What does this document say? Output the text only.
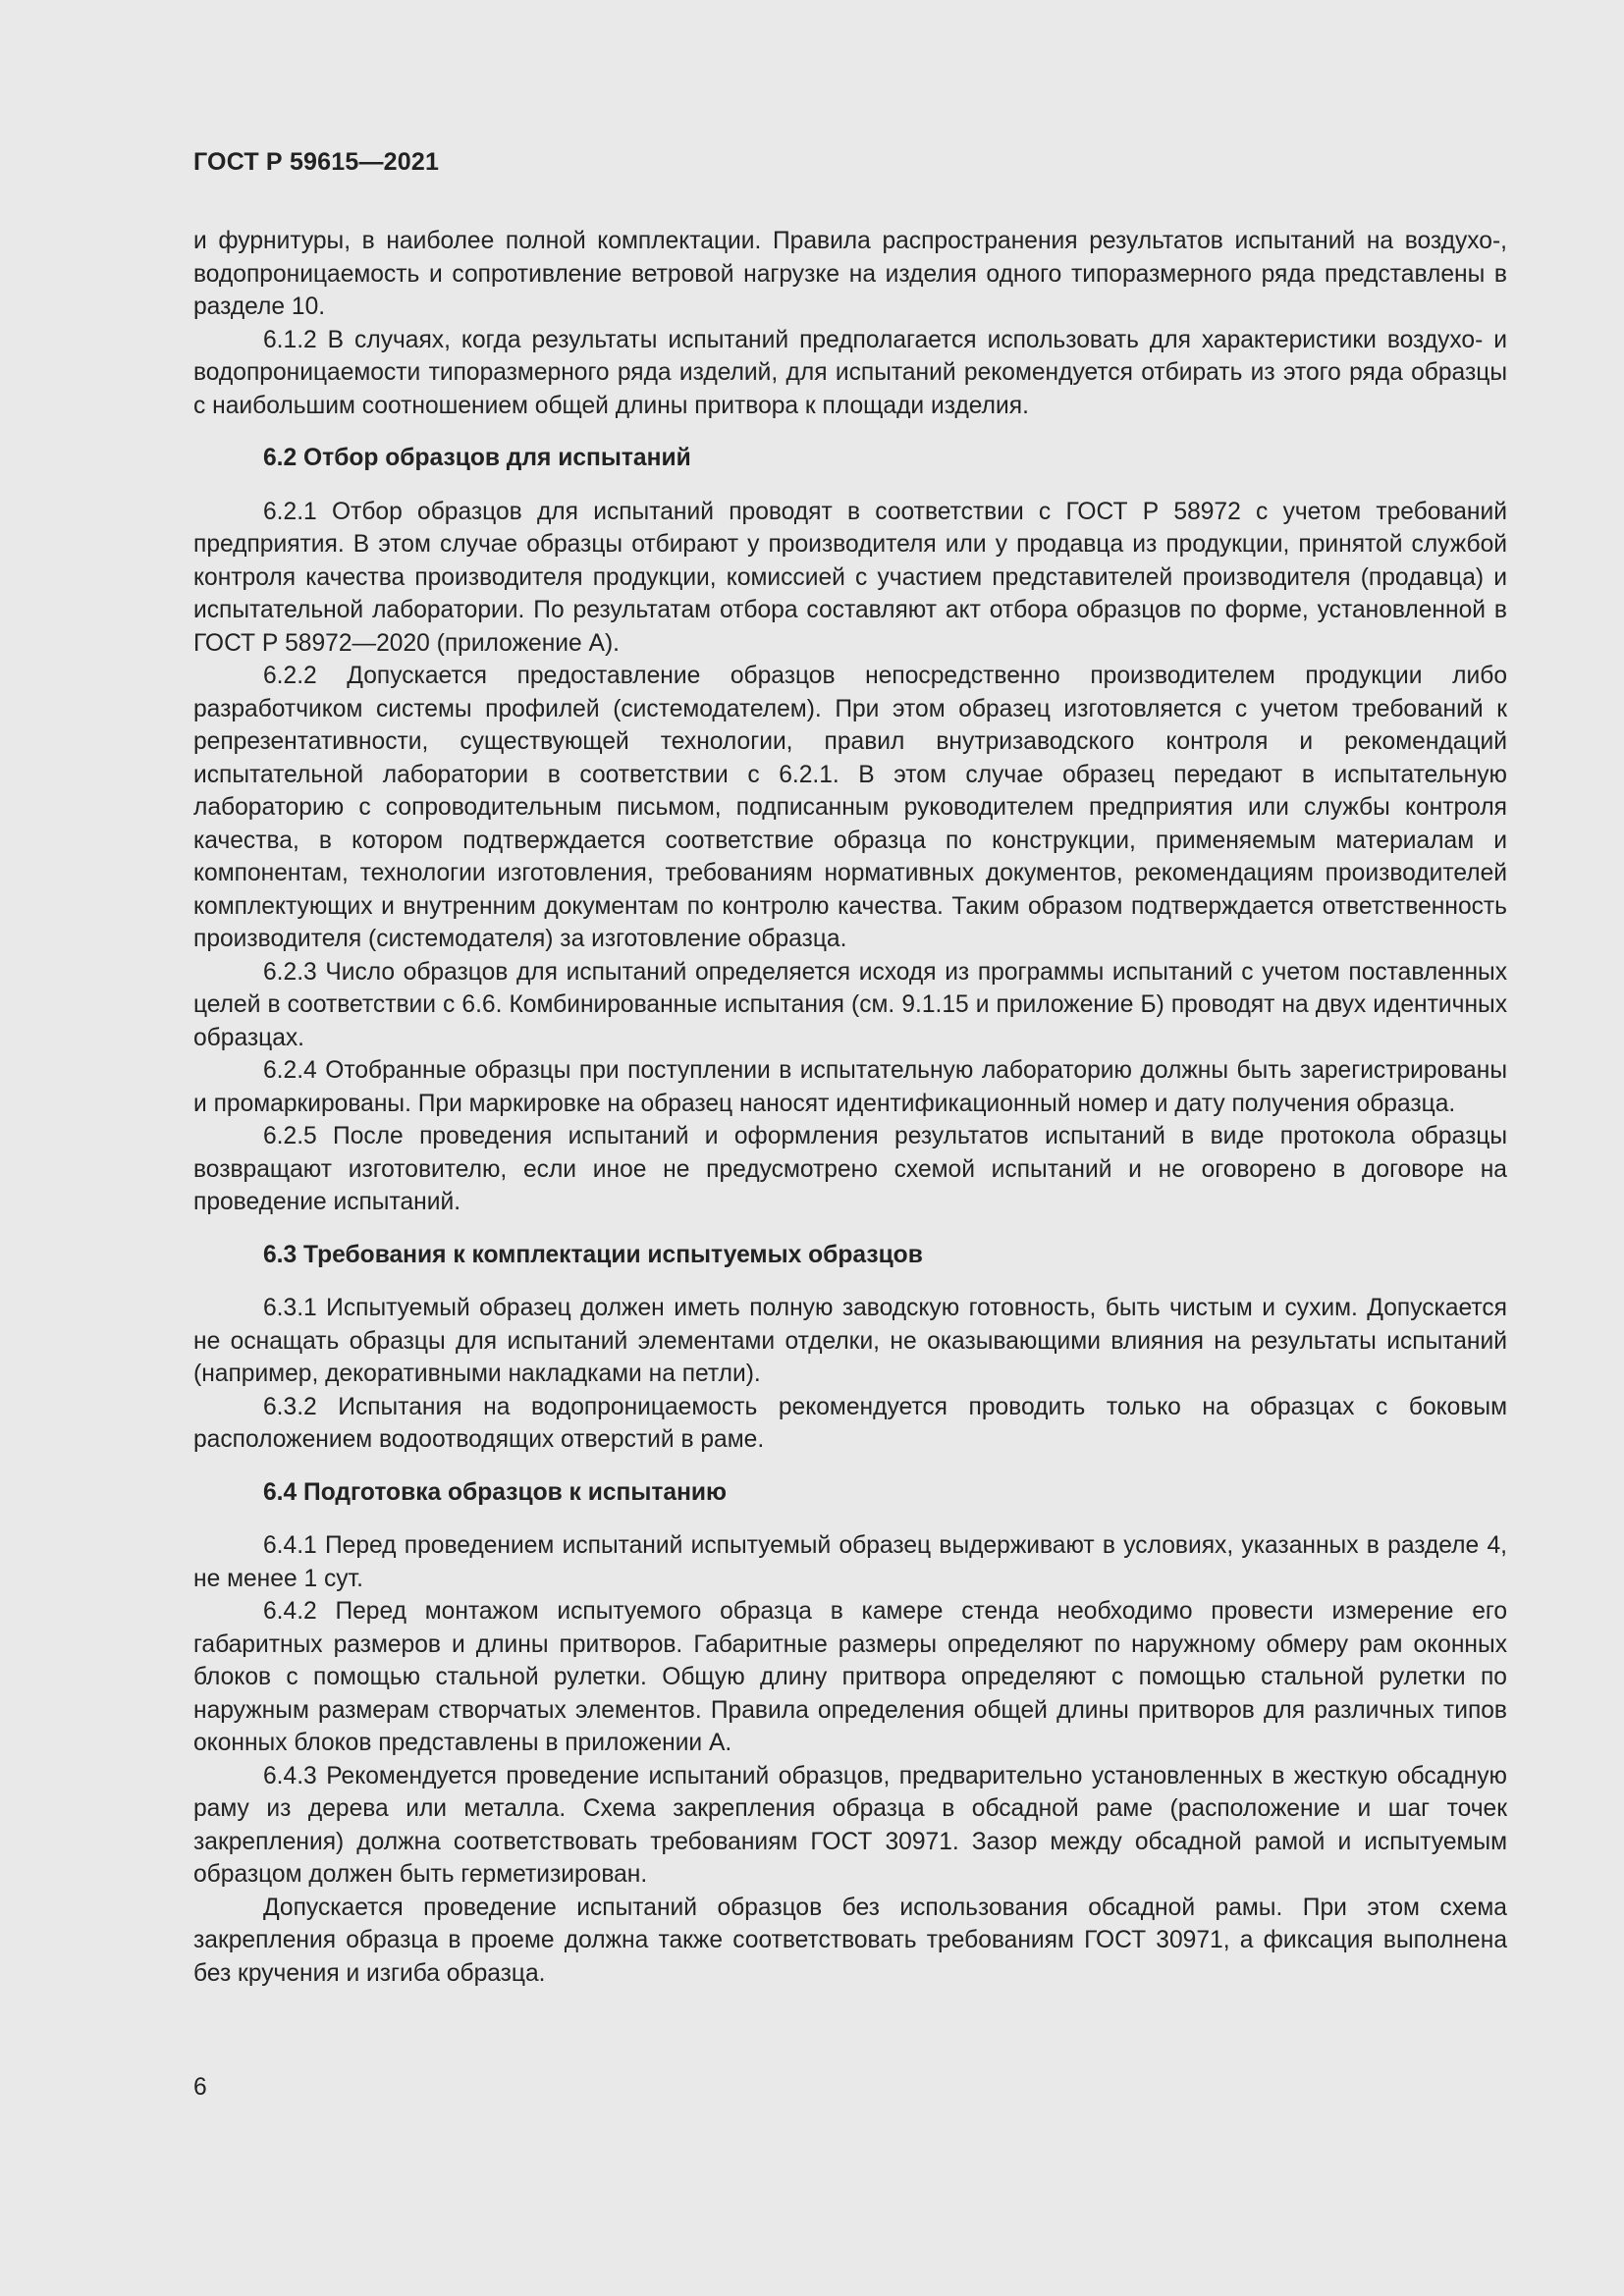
ГОСТ Р 59615—2021

и фурнитуры, в наиболее полной комплектации. Правила распространения результатов испытаний на воздухо-, водопроницаемость и сопротивление ветровой нагрузке на изделия одного типоразмерного ряда представлены в разделе 10.

6.1.2 В случаях, когда результаты испытаний предполагается использовать для характеристики воздухо- и водопроницаемости типоразмерного ряда изделий, для испытаний рекомендуется отбирать из этого ряда образцы с наибольшим соотношением общей длины притвора к площади изделия.

6.2 Отбор образцов для испытаний

6.2.1 Отбор образцов для испытаний проводят в соответствии с ГОСТ Р 58972 с учетом требований предприятия. В этом случае образцы отбирают у производителя или у продавца из продукции, принятой службой контроля качества производителя продукции, комиссией с участием представителей производителя (продавца) и испытательной лаборатории. По результатам отбора составляют акт отбора образцов по форме, установленной в ГОСТ Р 58972—2020 (приложение А).

6.2.2 Допускается предоставление образцов непосредственно производителем продукции либо разработчиком системы профилей (системодателем). При этом образец изготовляется с учетом требований к репрезентативности, существующей технологии, правил внутризаводского контроля и рекомендаций испытательной лаборатории в соответствии с 6.2.1. В этом случае образец передают в испытательную лабораторию с сопроводительным письмом, подписанным руководителем предприятия или службы контроля качества, в котором подтверждается соответствие образца по конструкции, применяемым материалам и компонентам, технологии изготовления, требованиям нормативных документов, рекомендациям производителей комплектующих и внутренним документам по контролю качества. Таким образом подтверждается ответственность производителя (системодателя) за изготовление образца.

6.2.3 Число образцов для испытаний определяется исходя из программы испытаний с учетом поставленных целей в соответствии с 6.6. Комбинированные испытания (см. 9.1.15 и приложение Б) проводят на двух идентичных образцах.

6.2.4 Отобранные образцы при поступлении в испытательную лабораторию должны быть зарегистрированы и промаркированы. При маркировке на образец наносят идентификационный номер и дату получения образца.

6.2.5 После проведения испытаний и оформления результатов испытаний в виде протокола образцы возвращают изготовителю, если иное не предусмотрено схемой испытаний и не оговорено в договоре на проведение испытаний.

6.3 Требования к комплектации испытуемых образцов

6.3.1 Испытуемый образец должен иметь полную заводскую готовность, быть чистым и сухим. Допускается не оснащать образцы для испытаний элементами отделки, не оказывающими влияния на результаты испытаний (например, декоративными накладками на петли).

6.3.2 Испытания на водопроницаемость рекомендуется проводить только на образцах с боковым расположением водоотводящих отверстий в раме.

6.4 Подготовка образцов к испытанию

6.4.1 Перед проведением испытаний испытуемый образец выдерживают в условиях, указанных в разделе 4, не менее 1 сут.

6.4.2 Перед монтажом испытуемого образца в камере стенда необходимо провести измерение его габаритных размеров и длины притворов. Габаритные размеры определяют по наружному обмеру рам оконных блоков с помощью стальной рулетки. Общую длину притвора определяют с помощью стальной рулетки по наружным размерам створчатых элементов. Правила определения общей длины притворов для различных типов оконных блоков представлены в приложении А.

6.4.3 Рекомендуется проведение испытаний образцов, предварительно установленных в жесткую обсадную раму из дерева или металла. Схема закрепления образца в обсадной раме (расположение и шаг точек закрепления) должна соответствовать требованиям ГОСТ 30971. Зазор между обсадной рамой и испытуемым образцом должен быть герметизирован.

Допускается проведение испытаний образцов без использования обсадной рамы. При этом схема закрепления образца в проеме должна также соответствовать требованиям ГОСТ 30971, а фиксация выполнена без кручения и изгиба образца.

6
